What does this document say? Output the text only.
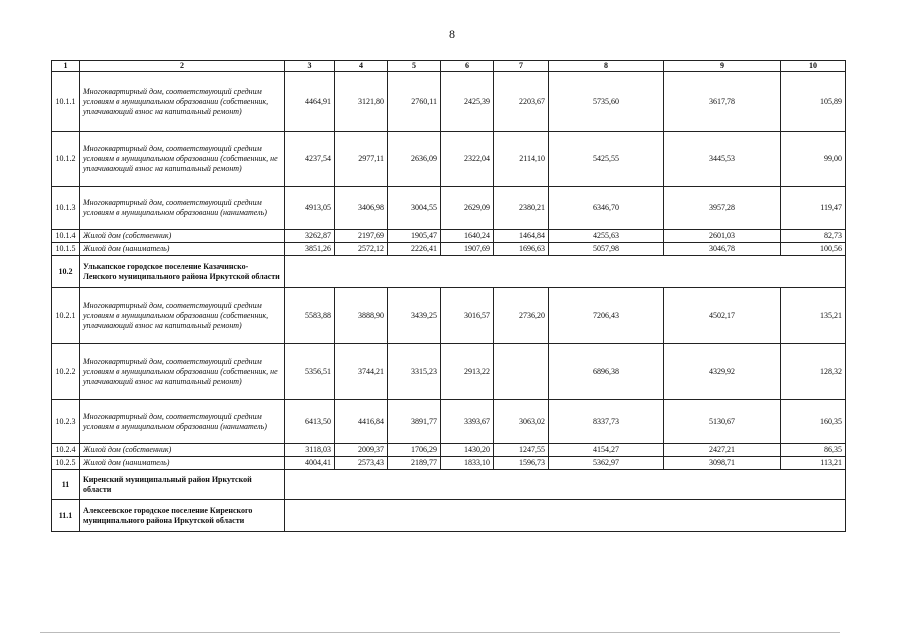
8
1	2	3	4	5	6	7	8	9	10
10.1.1	Многоквартирный дом, соответствующий средним условиям в муниципальном образовании (собственник, уплачивающий взнос на капитальный ремонт)	4464,91	3121,80	2760,11	2425,39	2203,67	5735,60	3617,78	105,89
10.1.2	Многоквартирный дом, соответствующий средним условиям в муниципальном образовании (собственник, не уплачивающий взнос на капитальный ремонт)	4237,54	2977,11	2636,09	2322,04	2114,10	5425,55	3445,53	99,00
10.1.3	Многоквартирный дом, соответствующий средним условиям в муниципальном образовании (наниматель)	4913,05	3406,98	3004,55	2629,09	2380,21	6346,70	3957,28	119,47
10.1.4	Жилой дом (собственник)	3262,87	2197,69	1905,47	1640,24	1464,84	4255,63	2601,03	82,73
10.1.5	Жилой дом (наниматель)	3851,26	2572,12	2226,41	1907,69	1696,63	5057,98	3046,78	100,56
10.2	Улькапское городское поселение Казачинско-Ленского муниципального района Иркутской области								
10.2.1	Многоквартирный дом, соответствующий средним условиям в муниципальном образовании (собственник, уплачивающий взнос на капитальный ремонт)	5583,88	3888,90	3439,25	3016,57	2736,20	7206,43	4502,17	135,21
10.2.2	Многоквартирный дом, соответствующий средним условиям в муниципальном образовании (собственник, не уплачивающий взнос на капитальный ремонт)	5356,51	3744,21	3315,23	2913,22		6896,38	4329,92	128,32
10.2.3	Многоквартирный дом, соответствующий средним условиям в муниципальном образовании (наниматель)	6413,50	4416,84	3891,77	3393,67	3063,02	8337,73	5130,67	160,35
10.2.4	Жилой дом (собственник)	3118,03	2009,37	1706,29	1430,20	1247,55	4154,27	2427,21	86,35
10.2.5	Жилой дом (наниматель)	4004,41	2573,43	2189,77	1833,10	1596,73	5362,97	3098,71	113,21
11	Киренский муниципальный район Иркутской области								
11.1	Алексеевское городское поселение Киренского муниципального района Иркутской области								
